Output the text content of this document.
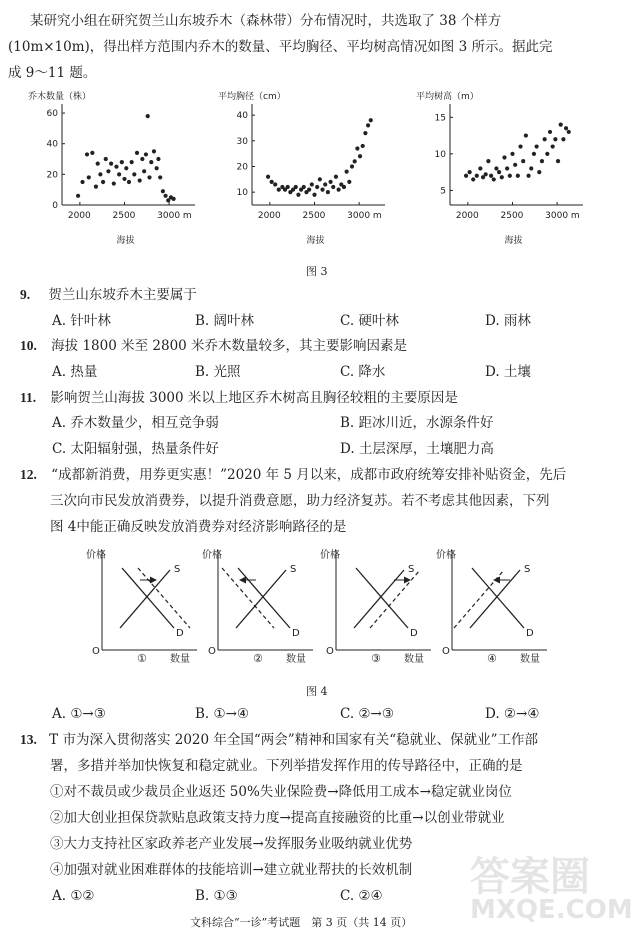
某研究小组在研究贺兰山东坡乔木（森林带）分布情况时，共选取了 38 个样方
(10m×10m)，得出样方范围内乔木的数量、平均胸径、平均树高情况如图 3 所示。据此完
成 9～11 题。
乔木数量（株）
0
20
40
60
2000 2500 3000 m
海拔
平均胸径（cm）
10
20
30
40
2000 2500 3000 m
海拔
平均树高（m）
5
10
15
2000 2500 3000 m
海拔
图 3
9. 贺兰山东坡乔木主要属于
A. 针叶林	B. 阔叶林	C. 硬叶林	D. 雨林
10. 海拔 1800 米至 2800 米乔木数量较多，其主要影响因素是
A. 热量	B. 光照	C. 降水	D. 土壤
11. 影响贺兰山海拔 3000 米以上地区乔木树高且胸径较粗的主要原因是
A. 乔木数量少，相互竞争弱	B. 距冰川近，水源条件好
C. 太阳辐射强，热量条件好	D. 土层深厚，土壤肥力高
12. “成都新消费，用券更实惠！”2020 年 5 月以来，成都市政府统筹安排补贴资金，先后
三次向市民发放消费券，以提升消费意愿，助力经济复苏。若不考虑其他因素，下列
图 4中能正确反映发放消费券对经济影响路径的是
价格
O
数量
①
S
D
价格
O
数量
②
S
D
价格
O
数量
③
S
D
价格
O
数量
④
S
D
图 4
A. ①→③	B. ①→④	C. ②→③	D. ②→④
13. T 市为深入贯彻落实 2020 年全国“两会”精神和国家有关“稳就业、保就业”工作部
署，多措并举加快恢复和稳定就业。下列举措发挥作用的传导路径中，正确的是
①对不裁员或少裁员企业返还 50%失业保险费→降低用工成本→稳定就业岗位
②加大创业担保贷款贴息政策支持力度→提高直接融资的比重→以创业带就业
③大力支持社区家政养老产业发展→发挥服务业吸纳就业优势
④加强对就业困难群体的技能培训→建立就业帮扶的长效机制
A. ①②	B. ①③	C. ②④
文科综合“一诊”考试题　第 3 页（共 14 页）
答案圈
MXQE.COM
